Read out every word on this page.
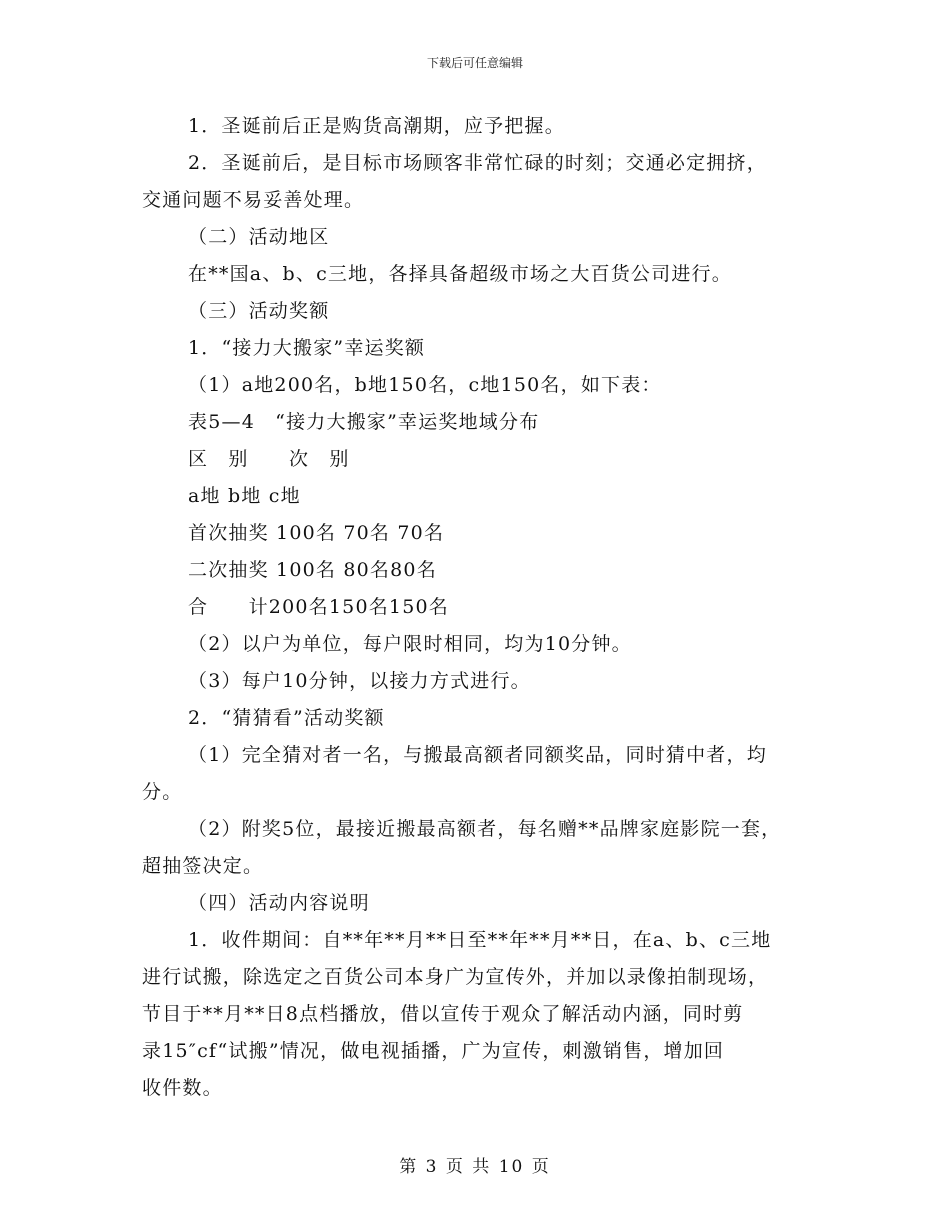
下载后可任意编辑
1．圣诞前后正是购货高潮期，应予把握。
2．圣诞前后，是目标市场顾客非常忙碌的时刻；交通必定拥挤，
交通问题不易妥善处理。
（二）活动地区
在**国a、b、c三地，各择具备超级市场之大百货公司进行。
（三）活动奖额
1．“接力大搬家”幸运奖额
（1）a地200名，b地150名，c地150名，如下表：
表5—4　“接力大搬家”幸运奖地域分布
区　别　　次　别
a地 b地 c地
首次抽奖 100名 70名 70名
二次抽奖 100名 80名80名
合　　计200名150名150名
（2）以户为单位，每户限时相同，均为10分钟。
（3）每户10分钟，以接力方式进行。
2．“猜猜看”活动奖额
（1）完全猜对者一名，与搬最高额者同额奖品，同时猜中者，均
分。
（2）附奖5位，最接近搬最高额者，每名赠**品牌家庭影院一套，
超抽签决定。
（四）活动内容说明
1．收件期间：自**年**月**日至**年**月**日，在a、b、c三地
进行试搬，除选定之百货公司本身广为宣传外，并加以录像拍制现场，
节目于**月**日8点档播放，借以宣传于观众了解活动内涵，同时剪
录15″cf“试搬”情况，做电视插播，广为宣传，刺激销售，增加回
收件数。
第 3 页 共 10 页
